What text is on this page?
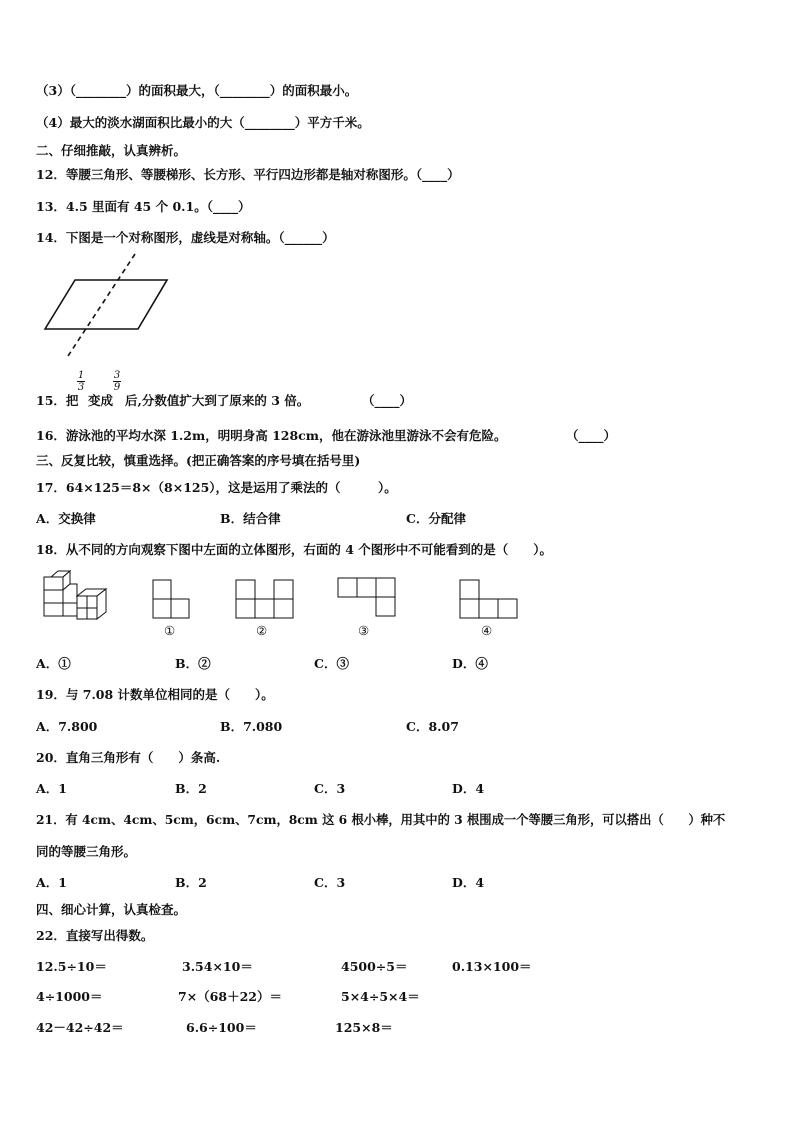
（3）（________）的面积最大，（________）的面积最小。
（4）最大的淡水湖面积比最小的大（________）平方千米。
二、仔细推敲，认真辨析。
12．等腰三角形、等腰梯形、长方形、平行四边形都是轴对称图形。（____）
13．4.5 里面有 45 个 0.1。（____）
14．下图是一个对称图形，虚线是对称轴。（______）
15．把
1
3
变成
3
9
后,分数值扩大到了原来的 3 倍。	（____）
16．游泳池的平均水深 1.2m，明明身高 128cm，他在游泳池里游泳不会有危险。	（____）
三、反复比较，慎重选择。(把正确答案的序号填在括号里)
17．64×125＝8×（8×125），这是运用了乘法的（　　　）。
A．交换律	B．结合律	C．分配律
18．从不同的方向观察下图中左面的立体图形，右面的 4 个图形中不可能看到的是（　　）。
①	②	③	④
A．①	B．②	C．③	D．④
19．与 7.08 计数单位相同的是（　　）。
A．7.800	B．7.080	C．8.07
20．直角三角形有（　　）条高.
A．1	B．2	C．3	D．4
21．有 4cm、4cm、5cm，6cm、7cm，8cm 这 6 根小棒，用其中的 3 根围成一个等腰三角形，可以搭出（　　）种不
同的等腰三角形。
A．1	B．2	C．3	D．4
四、细心计算，认真检查。
22．直接写出得数。
12.5÷10＝	3.54×10＝	4500÷5＝	0.13×100＝
4÷1000＝	7×（68＋22）＝	5×4÷5×4＝
42－42÷42＝	6.6÷100＝	125×8＝
